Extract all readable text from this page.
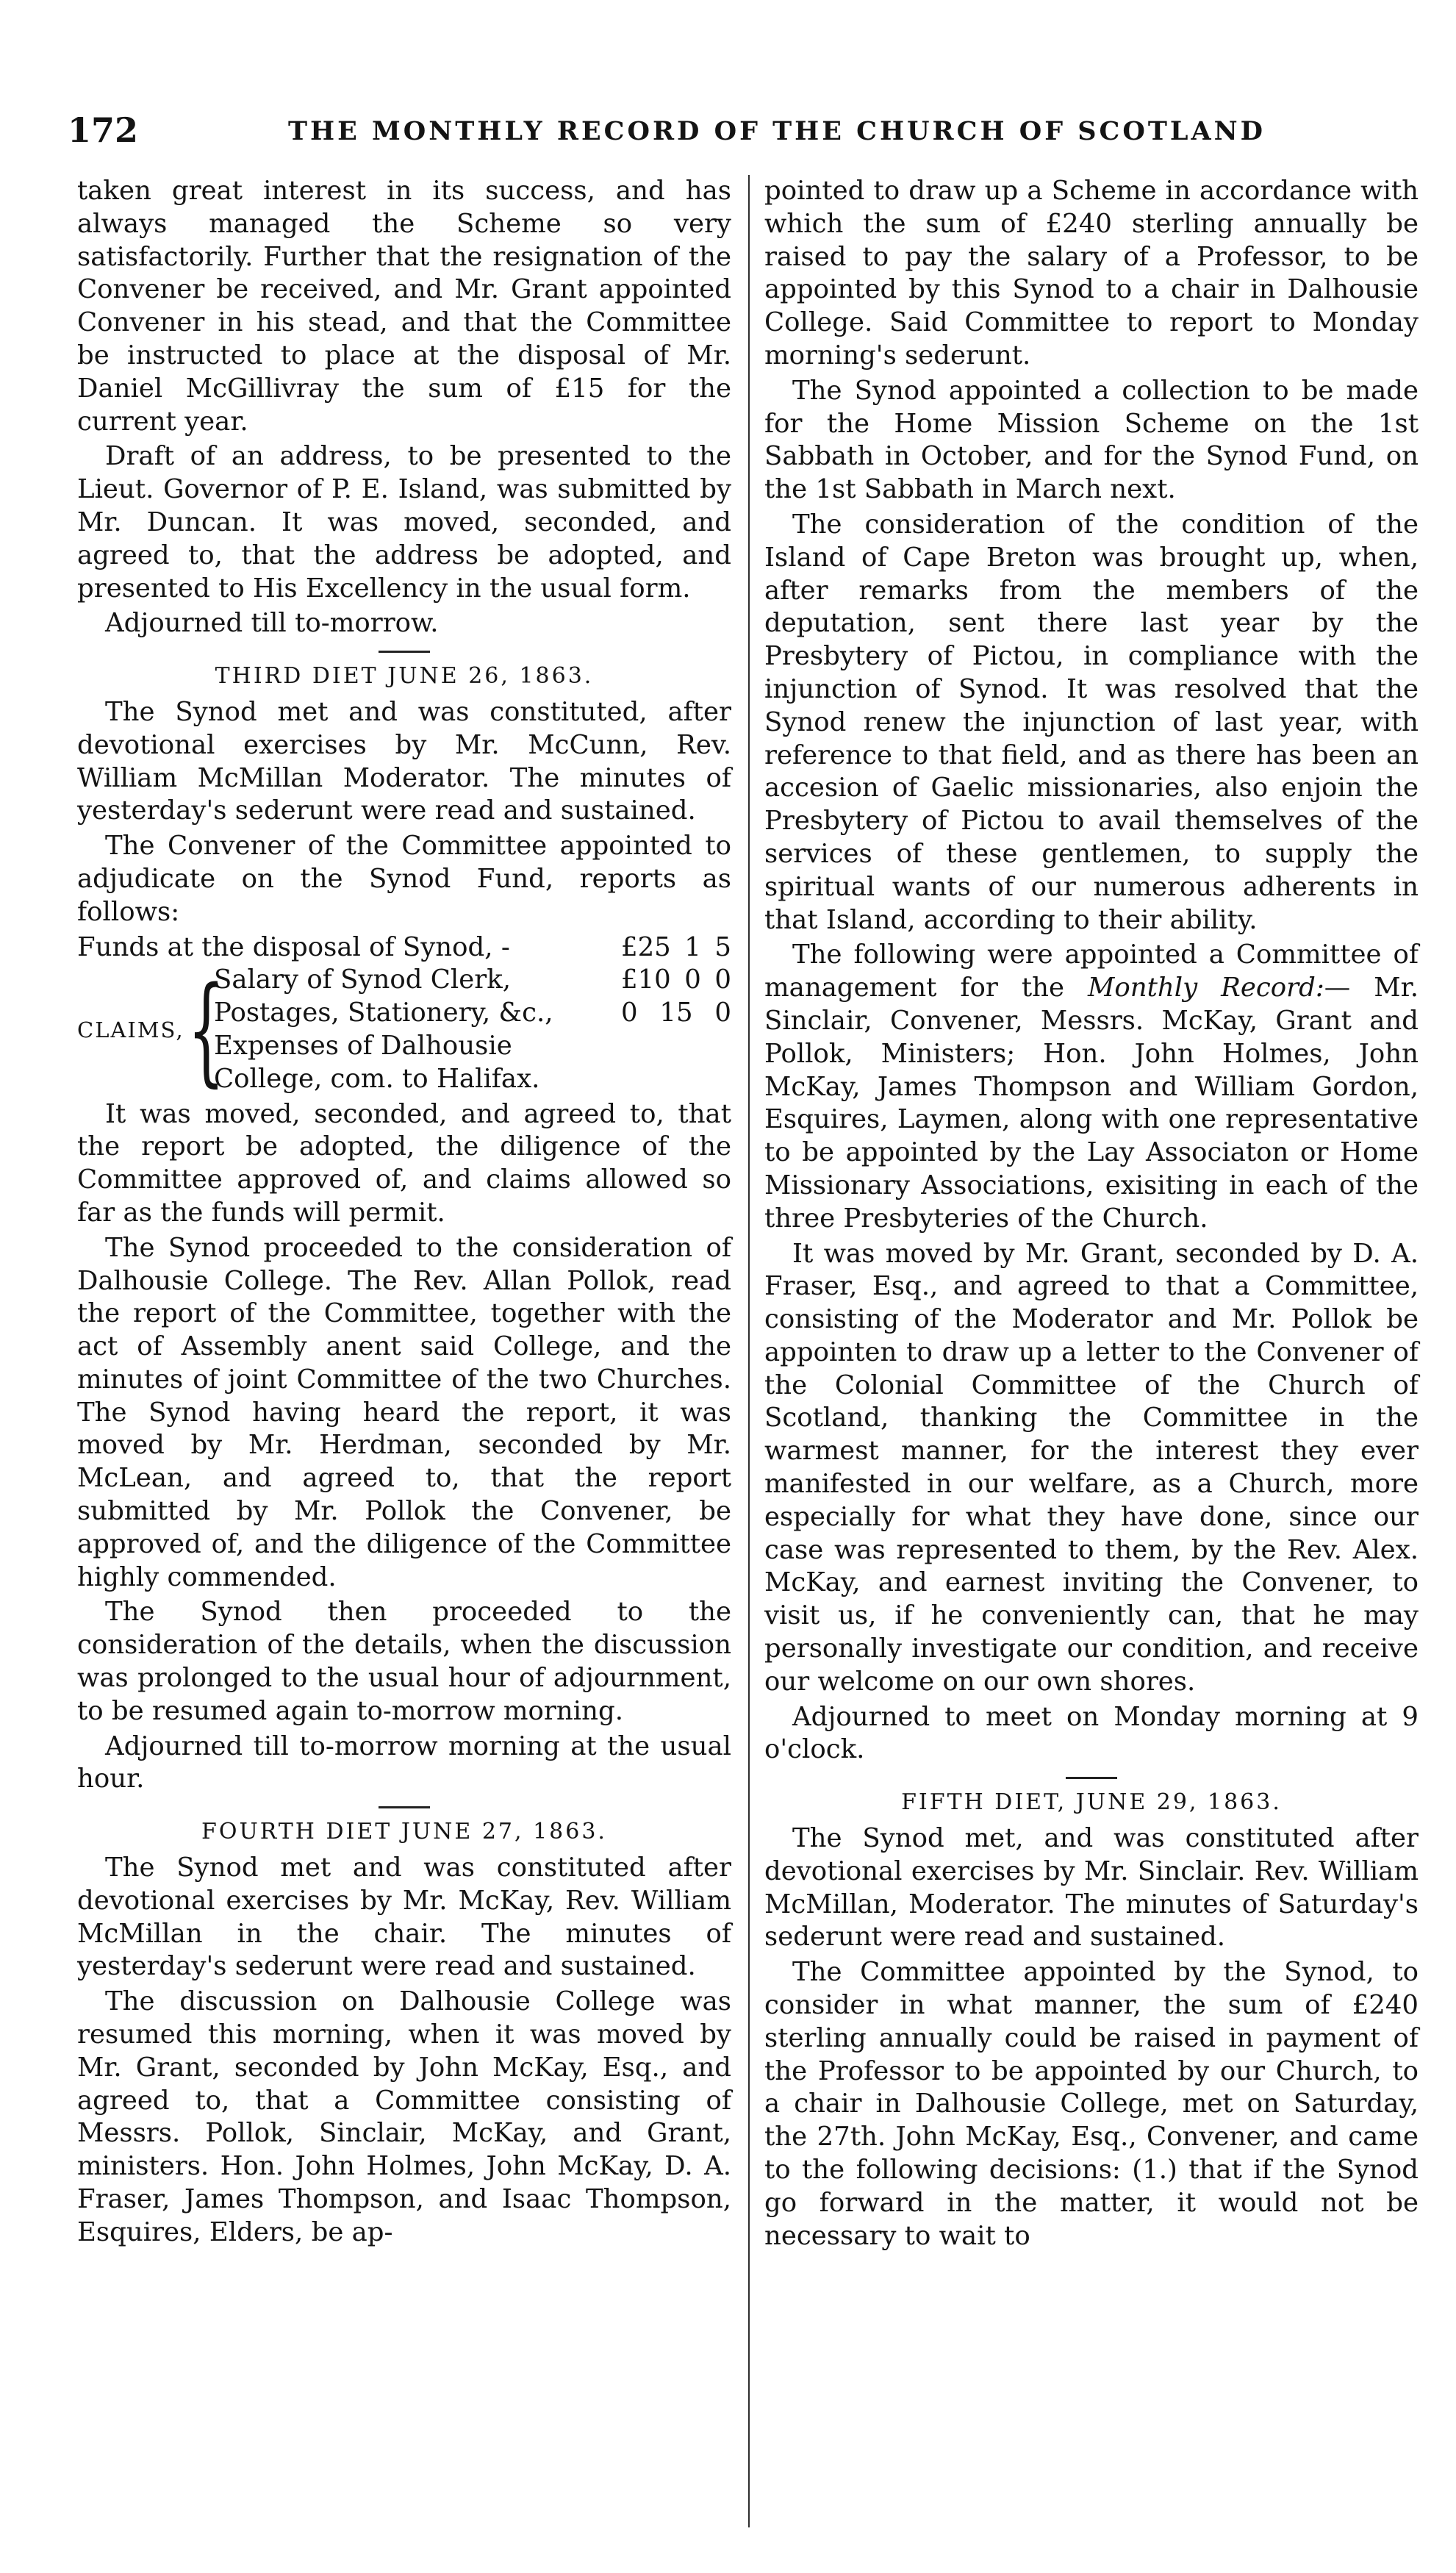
172	THE MONTHLY RECORD OF THE CHURCH OF SCOTLAND

taken great interest in its success, and has always managed the Scheme so very satisfactorily. Further that the resignation of the Convener be received, and Mr. Grant appointed Convener in his stead, and that the Committee be instructed to place at the disposal of Mr. Daniel McGillivray the sum of £15 for the current year.

Draft of an address, to be presented to the Lieut. Governor of P. E. Island, was submitted by Mr. Duncan. It was moved, seconded, and agreed to, that the address be adopted, and presented to His Excellency in the usual form.

Adjourned till to-morrow.

THIRD DIET JUNE 26, 1863.

The Synod met and was constituted, after devotional exercises by Mr. McCunn, Rev. William McMillan Moderator. The minutes of yesterday's sederunt were read and sustained.

The Convener of the Committee appointed to adjudicate on the Synod Fund, reports as follows:

Funds at the disposal of Synod, -	£25 1 5
CLAIMS, {
Salary of Synod Clerk,	£10 0 0
Postages, Stationery, &c.,	0 15 0
Expenses of Dalhousie
College, com. to Halifax.

It was moved, seconded, and agreed to, that the report be adopted, the diligence of the Committee approved of, and claims allowed so far as the funds will permit.

The Synod proceeded to the consideration of Dalhousie College. The Rev. Allan Pollok, read the report of the Committee, together with the act of Assembly anent said College, and the minutes of joint Committee of the two Churches. The Synod having heard the report, it was moved by Mr. Herdman, seconded by Mr. McLean, and agreed to, that the report submitted by Mr. Pollok the Convener, be approved of, and the diligence of the Committee highly commended.

The Synod then proceeded to the consideration of the details, when the discussion was prolonged to the usual hour of adjournment, to be resumed again to-morrow morning.

Adjourned till to-morrow morning at the usual hour.

FOURTH DIET JUNE 27, 1863.

The Synod met and was constituted after devotional exercises by Mr. McKay, Rev. William McMillan in the chair. The minutes of yesterday's sederunt were read and sustained.

The discussion on Dalhousie College was resumed this morning, when it was moved by Mr. Grant, seconded by John McKay, Esq., and agreed to, that a Committee consisting of Messrs. Pollok, Sinclair, McKay, and Grant, ministers. Hon. John Holmes, John McKay, D. A. Fraser, James Thompson, and Isaac Thompson, Esquires, Elders, be ap-

pointed to draw up a Scheme in accordance with which the sum of £240 sterling annually be raised to pay the salary of a Professor, to be appointed by this Synod to a chair in Dalhousie College. Said Committee to report to Monday morning's sederunt.

The Synod appointed a collection to be made for the Home Mission Scheme on the 1st Sabbath in October, and for the Synod Fund, on the 1st Sabbath in March next.

The consideration of the condition of the Island of Cape Breton was brought up, when, after remarks from the members of the deputation, sent there last year by the Presbytery of Pictou, in compliance with the injunction of Synod. It was resolved that the Synod renew the injunction of last year, with reference to that field, and as there has been an accesion of Gaelic missionaries, also enjoin the Presbytery of Pictou to avail themselves of the services of these gentlemen, to supply the spiritual wants of our numerous adherents in that Island, according to their ability.

The following were appointed a Committee of management for the Monthly Record:— Mr. Sinclair, Convener, Messrs. McKay, Grant and Pollok, Ministers; Hon. John Holmes, John McKay, James Thompson and William Gordon, Esquires, Laymen, along with one representative to be appointed by the Lay Associaton or Home Missionary Associations, exisiting in each of the three Presbyteries of the Church.

It was moved by Mr. Grant, seconded by D. A. Fraser, Esq., and agreed to that a Committee, consisting of the Moderator and Mr. Pollok be appointen to draw up a letter to the Convener of the Colonial Committee of the Church of Scotland, thanking the Committee in the warmest manner, for the interest they ever manifested in our welfare, as a Church, more especially for what they have done, since our case was represented to them, by the Rev. Alex. McKay, and earnest inviting the Convener, to visit us, if he conveniently can, that he may personally investigate our condition, and receive our welcome on our own shores.

Adjourned to meet on Monday morning at 9 o'clock.

FIFTH DIET, JUNE 29, 1863.

The Synod met, and was constituted after devotional exercises by Mr. Sinclair. Rev. William McMillan, Moderator. The minutes of Saturday's sederunt were read and sustained.

The Committee appointed by the Synod, to consider in what manner, the sum of £240 sterling annually could be raised in payment of the Professor to be appointed by our Church, to a chair in Dalhousie College, met on Saturday, the 27th. John McKay, Esq., Convener, and came to the following decisions: (1.) that if the Synod go forward in the matter, it would not be necessary to wait to
